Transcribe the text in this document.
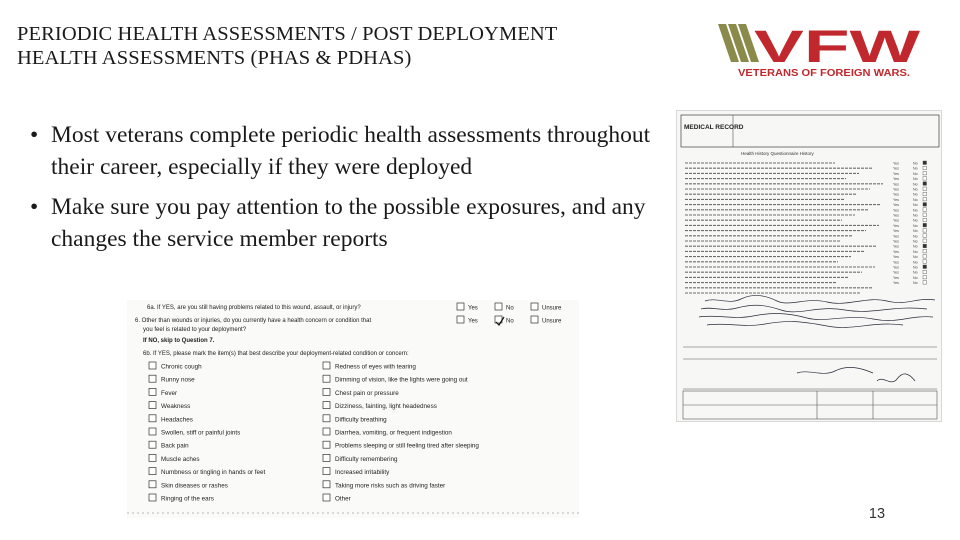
PERIODIC HEALTH ASSESSMENTS / POST DEPLOYMENT
HEALTH ASSESSMENTS (PHAS & PDHAS)	VFW
VETERANS OF FOREIGN WARS.
• Most veterans complete periodic health assessments throughout their career, especially if they were deployed
• Make sure you pay attention to the possible exposures, and any changes the service member reports
MEDICAL RECORD
Health History Questionnaire History
Yes	No
Yes	No
Yes	No
Yes	No
Yes	No
Yes	No
Yes	No
Yes	No
Yes	No
Yes	No
Yes	No
Yes	No
Yes	No
Yes	No
Yes	No
Yes	No
Yes	No
Yes	No
Yes	No
Yes	No
Yes	No
Yes	No
Yes	No
Yes	No
6a. If YES, are you still having problems related to this wound, assault, or injury?
6. Other than wounds or injuries, do you currently have a health concern or condition that
you feel is related to your deployment?
If NO, skip to Question 7.
6b. If YES, please mark the item(s) that best describe your deployment-related condition or concern:
Yes	No	Unsure
Yes	No	Unsure
Chronic cough
Runny nose
Fever
Weakness
Headaches
Swollen, stiff or painful joints
Back pain
Muscle aches
Numbness or tingling in hands or feet
Skin diseases or rashes
Ringing of the ears
Redness of eyes with tearing
Dimming of vision, like the lights were going out
Chest pain or pressure
Dizziness, fainting, light headedness
Difficulty breathing
Diarrhea, vomiting, or frequent indigestion
Problems sleeping or still feeling tired after sleeping
Difficulty remembering
Increased irritability
Taking more risks such as driving faster
Other
13
